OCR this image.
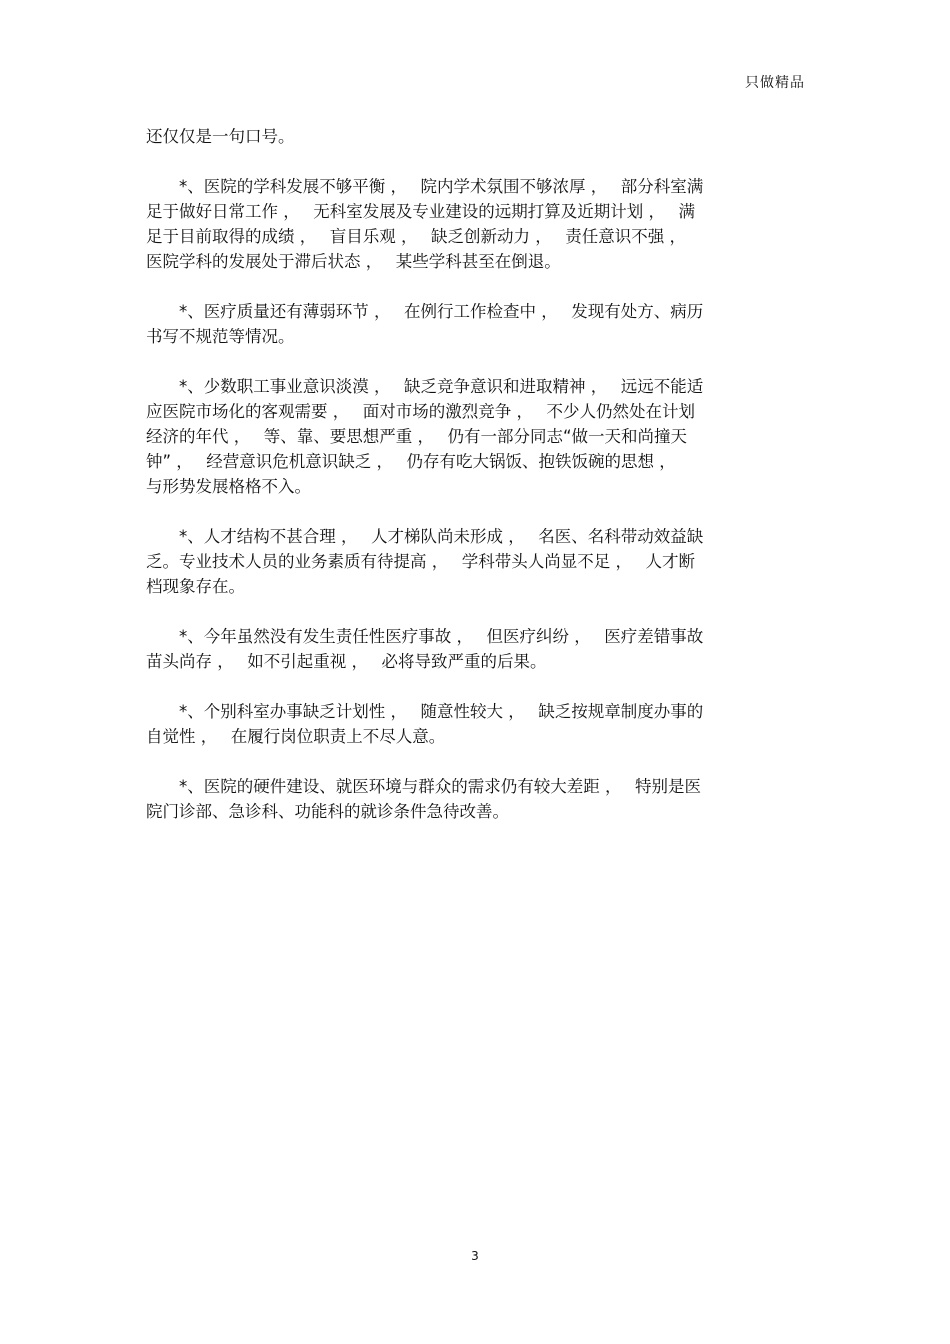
只做精品

还仅仅是一句口号。

　　*、医院的学科发展不够平衡 ，　 院内学术氛围不够浓厚 ，　 部分科室满
足于做好日常工作 ，　 无科室发展及专业建设的远期打算及近期计划 ，　 满
足于目前取得的成绩 ，　 盲目乐观 ，　 缺乏创新动力 ，　 责任意识不强 ，
医院学科的发展处于滞后状态 ，　 某些学科甚至在倒退。

　　*、医疗质量还有薄弱环节 ，　 在例行工作检查中 ，　 发现有处方、病历
书写不规范等情况。

　　*、少数职工事业意识淡漠 ，　 缺乏竞争意识和进取精神 ，　 远远不能适
应医院市场化的客观需要 ，　 面对市场的激烈竞争 ，　 不少人仍然处在计划
经济的年代 ，　 等、靠、要思想严重 ，　 仍有一部分同志“做一天和尚撞天
钟” ，　 经营意识危机意识缺乏 ，　 仍存有吃大锅饭、抱铁饭碗的思想 ，
与形势发展格格不入。

　　*、人才结构不甚合理 ，　 人才梯队尚未形成 ，　 名医、名科带动效益缺
乏。专业技术人员的业务素质有待提高 ，　 学科带头人尚显不足 ，　 人才断
档现象存在。

　　*、今年虽然没有发生责任性医疗事故 ，　 但医疗纠纷 ，　 医疗差错事故
苗头尚存 ，　 如不引起重视 ，　 必将导致严重的后果。

　　*、个别科室办事缺乏计划性 ，　 随意性较大 ，　 缺乏按规章制度办事的
自觉性 ，　 在履行岗位职责上不尽人意。

　　*、医院的硬件建设、就医环境与群众的需求仍有较大差距 ，　 特别是医
院门诊部、急诊科、功能科的就诊条件急待改善。

3
